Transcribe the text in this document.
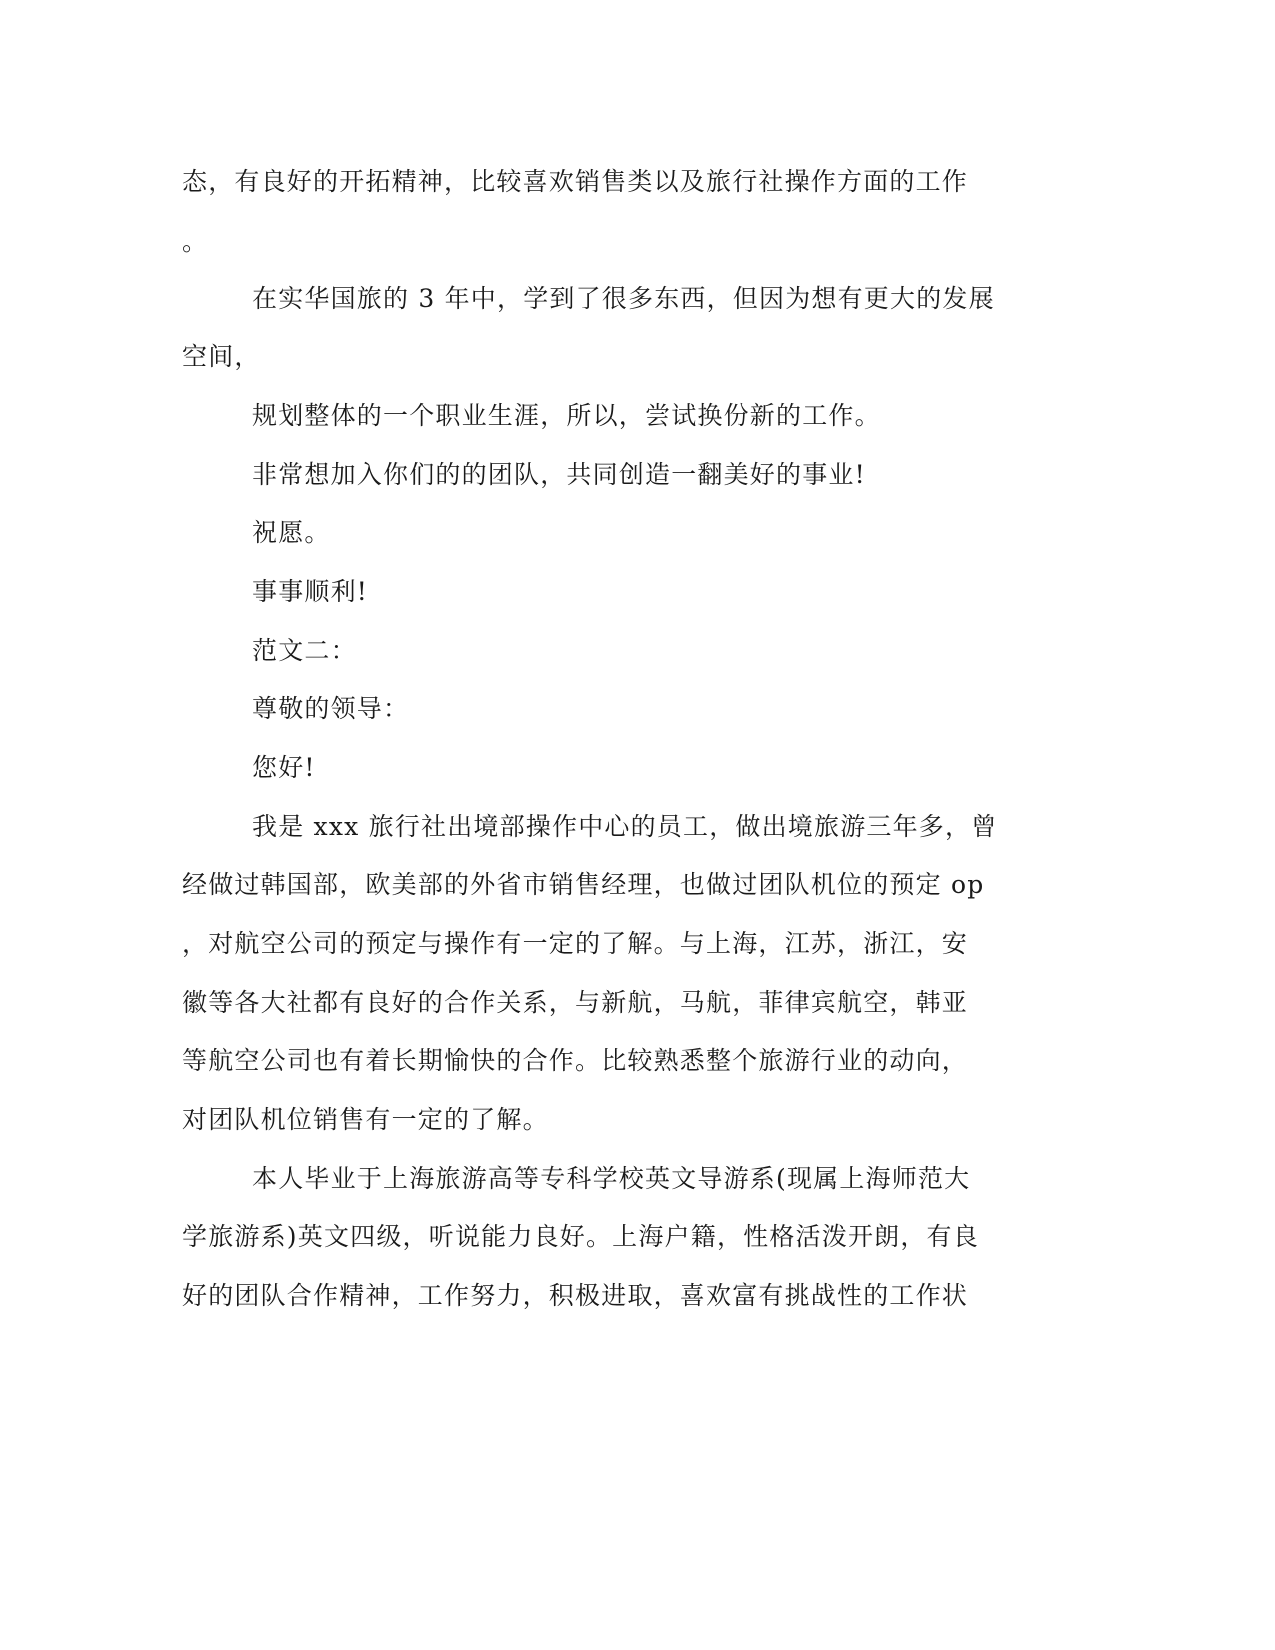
态，有良好的开拓精神，比较喜欢销售类以及旅行社操作方面的工作
。
在实华国旅的 3 年中，学到了很多东西，但因为想有更大的发展
空间，
规划整体的一个职业生涯，所以，尝试换份新的工作。
非常想加入你们的的团队，共同创造一翻美好的事业!
祝愿。
事事顺利!
范文二：
尊敬的领导：
您好!
我是 xxx 旅行社出境部操作中心的员工，做出境旅游三年多，曾
经做过韩国部，欧美部的外省市销售经理，也做过团队机位的预定 op
，对航空公司的预定与操作有一定的了解。与上海，江苏，浙江，安
徽等各大社都有良好的合作关系，与新航，马航，菲律宾航空，韩亚
等航空公司也有着长期愉快的合作。比较熟悉整个旅游行业的动向，
对团队机位销售有一定的了解。
本人毕业于上海旅游高等专科学校英文导游系(现属上海师范大
学旅游系)英文四级，听说能力良好。上海户籍，性格活泼开朗，有良
好的团队合作精神，工作努力，积极进取，喜欢富有挑战性的工作状
